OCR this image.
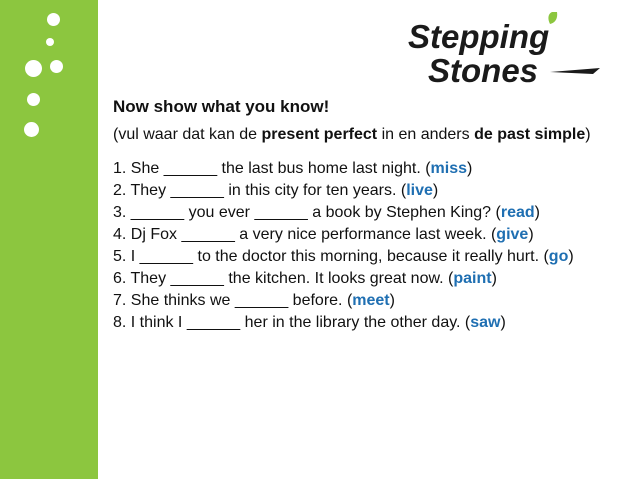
Stepping
Stones
Now show what you know!
(vul waar dat kan de present perfect in en anders de past simple)
1. She ______ the last bus home last night. (miss)
2. They ______ in this city for ten years. (live)
3. ______ you ever ______ a book by Stephen King? (read)
4. Dj Fox ______ a very nice performance last week. (give)
5. I ______ to the doctor this morning, because it really hurt. (go)
6. They ______ the kitchen. It looks great now. (paint)
7. She thinks we ______ before. (meet)
8. I think I ______ her in the library the other day. (saw)
